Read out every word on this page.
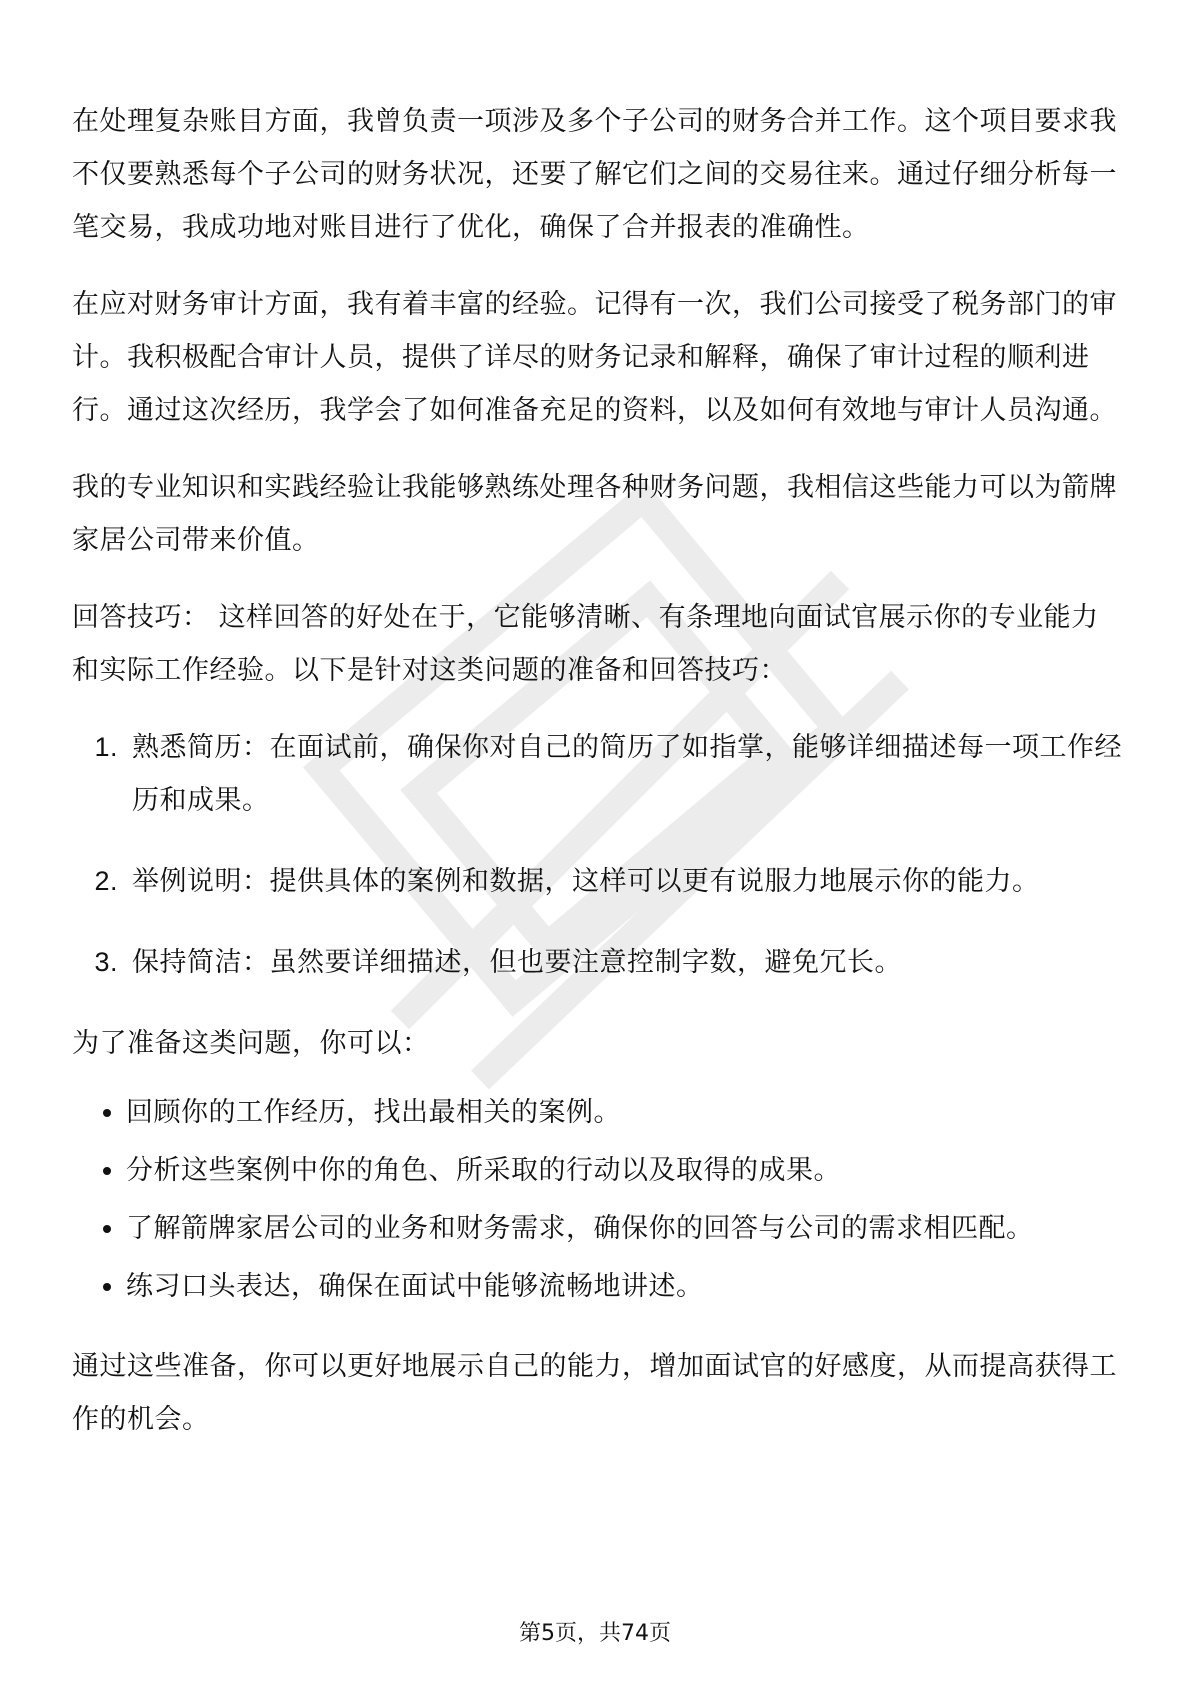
在处理复杂账目方面，我曾负责一项涉及多个子公司的财务合并工作。这个项目要求我不仅要熟悉每个子公司的财务状况，还要了解它们之间的交易往来。通过仔细分析每一笔交易，我成功地对账目进行了优化，确保了合并报表的准确性。

在应对财务审计方面，我有着丰富的经验。记得有一次，我们公司接受了税务部门的审计。我积极配合审计人员，提供了详尽的财务记录和解释，确保了审计过程的顺利进行。通过这次经历，我学会了如何准备充足的资料，以及如何有效地与审计人员沟通。

我的专业知识和实践经验让我能够熟练处理各种财务问题，我相信这些能力可以为箭牌家居公司带来价值。

回答技巧： 这样回答的好处在于，它能够清晰、有条理地向面试官展示你的专业能力和实际工作经验。以下是针对这类问题的准备和回答技巧：

1. 熟悉简历：在面试前，确保你对自己的简历了如指掌，能够详细描述每一项工作经历和成果。
2. 举例说明：提供具体的案例和数据，这样可以更有说服力地展示你的能力。
3. 保持简洁：虽然要详细描述，但也要注意控制字数，避免冗长。

为了准备这类问题，你可以：

• 回顾你的工作经历，找出最相关的案例。
• 分析这些案例中你的角色、所采取的行动以及取得的成果。
• 了解箭牌家居公司的业务和财务需求，确保你的回答与公司的需求相匹配。
• 练习口头表达，确保在面试中能够流畅地讲述。

通过这些准备，你可以更好地展示自己的能力，增加面试官的好感度，从而提高获得工作的机会。

第5页，共74页
